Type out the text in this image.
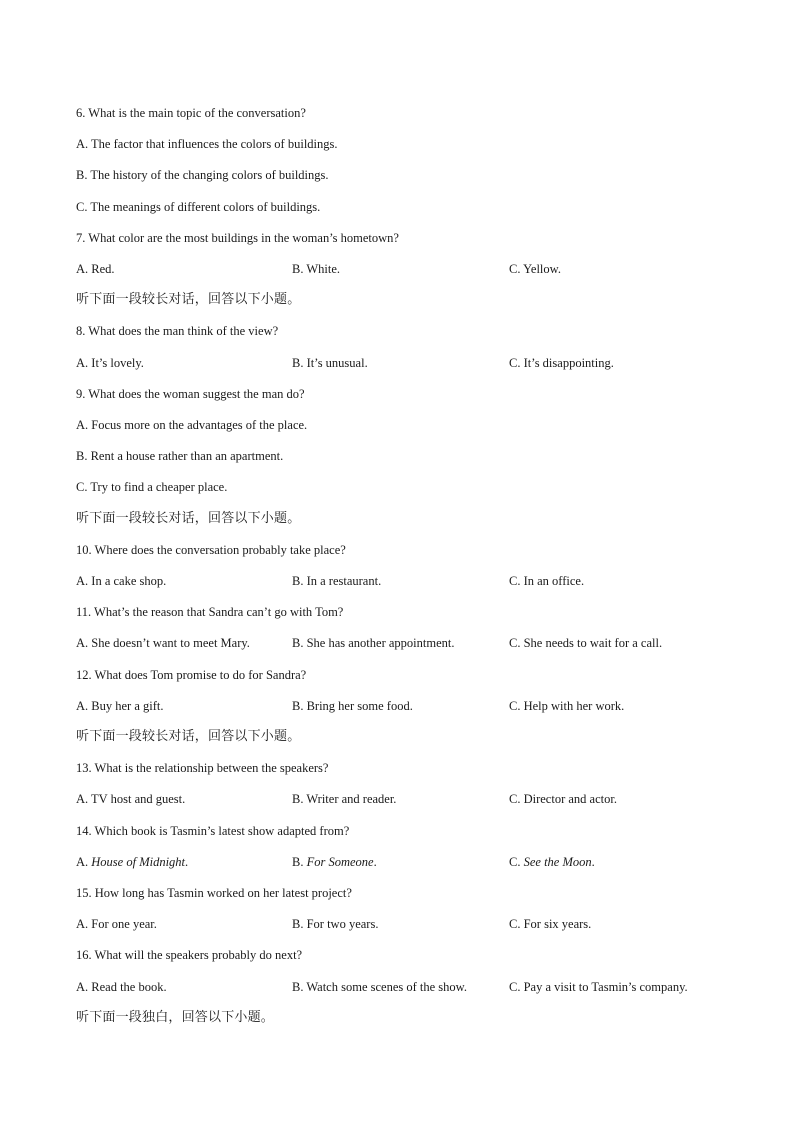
6. What is the main topic of the conversation?
A. The factor that influences the colors of buildings.
B. The history of the changing colors of buildings.
C. The meanings of different colors of buildings.
7. What color are the most buildings in the woman’s hometown?
A. Red.	B. White.	C. Yellow.
听下面一段较长对话，回答以下小题。
8. What does the man think of the view?
A. It’s lovely.	B. It’s unusual.	C. It’s disappointing.
9. What does the woman suggest the man do?
A. Focus more on the advantages of the place.
B. Rent a house rather than an apartment.
C. Try to find a cheaper place.
听下面一段较长对话，回答以下小题。
10. Where does the conversation probably take place?
A. In a cake shop.	B. In a restaurant.	C. In an office.
11. What’s the reason that Sandra can’t go with Tom?
A. She doesn’t want to meet Mary.	B. She has another appointment.	C. She needs to wait for a call.
12. What does Tom promise to do for Sandra?
A. Buy her a gift.	B. Bring her some food.	C. Help with her work.
听下面一段较长对话，回答以下小题。
13. What is the relationship between the speakers?
A. TV host and guest.	B. Writer and reader.	C. Director and actor.
14. Which book is Tasmin’s latest show adapted from?
A. House of Midnight.	B. For Someone.	C. See the Moon.
15. How long has Tasmin worked on her latest project?
A. For one year.	B. For two years.	C. For six years.
16. What will the speakers probably do next?
A. Read the book.	B. Watch some scenes of the show.	C. Pay a visit to Tasmin’s company.
听下面一段独白，回答以下小题。
